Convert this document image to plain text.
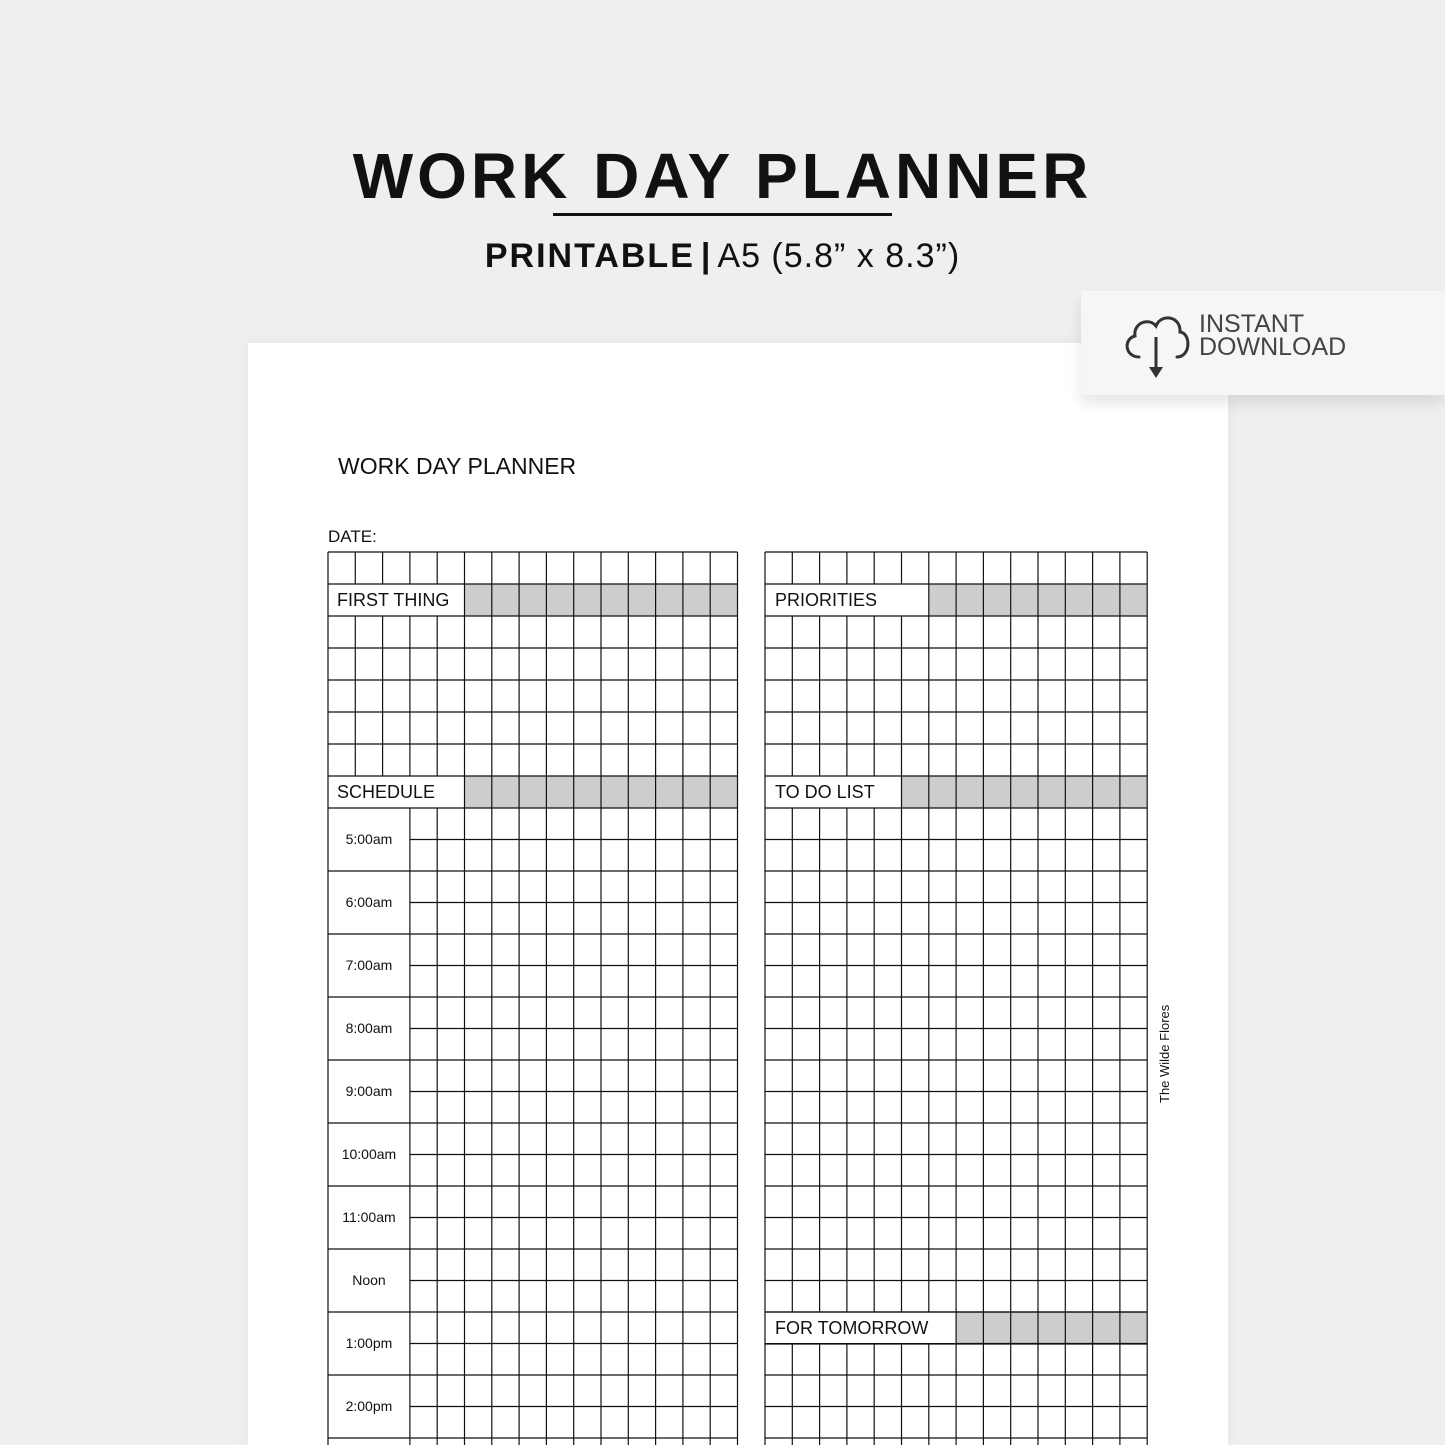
WORK DAY PLANNER
PRINTABLE | A5 (5.8” x 8.3”)
WORK DAY PLANNER
DATE:
FIRST THING
SCHEDULE
PRIORITIES
TO DO LIST
FOR TOMORROW
5:00am
6:00am
7:00am
8:00am
9:00am
10:00am
11:00am
Noon
1:00pm
2:00pm
The Wilde Flores
INSTANT
DOWNLOAD
